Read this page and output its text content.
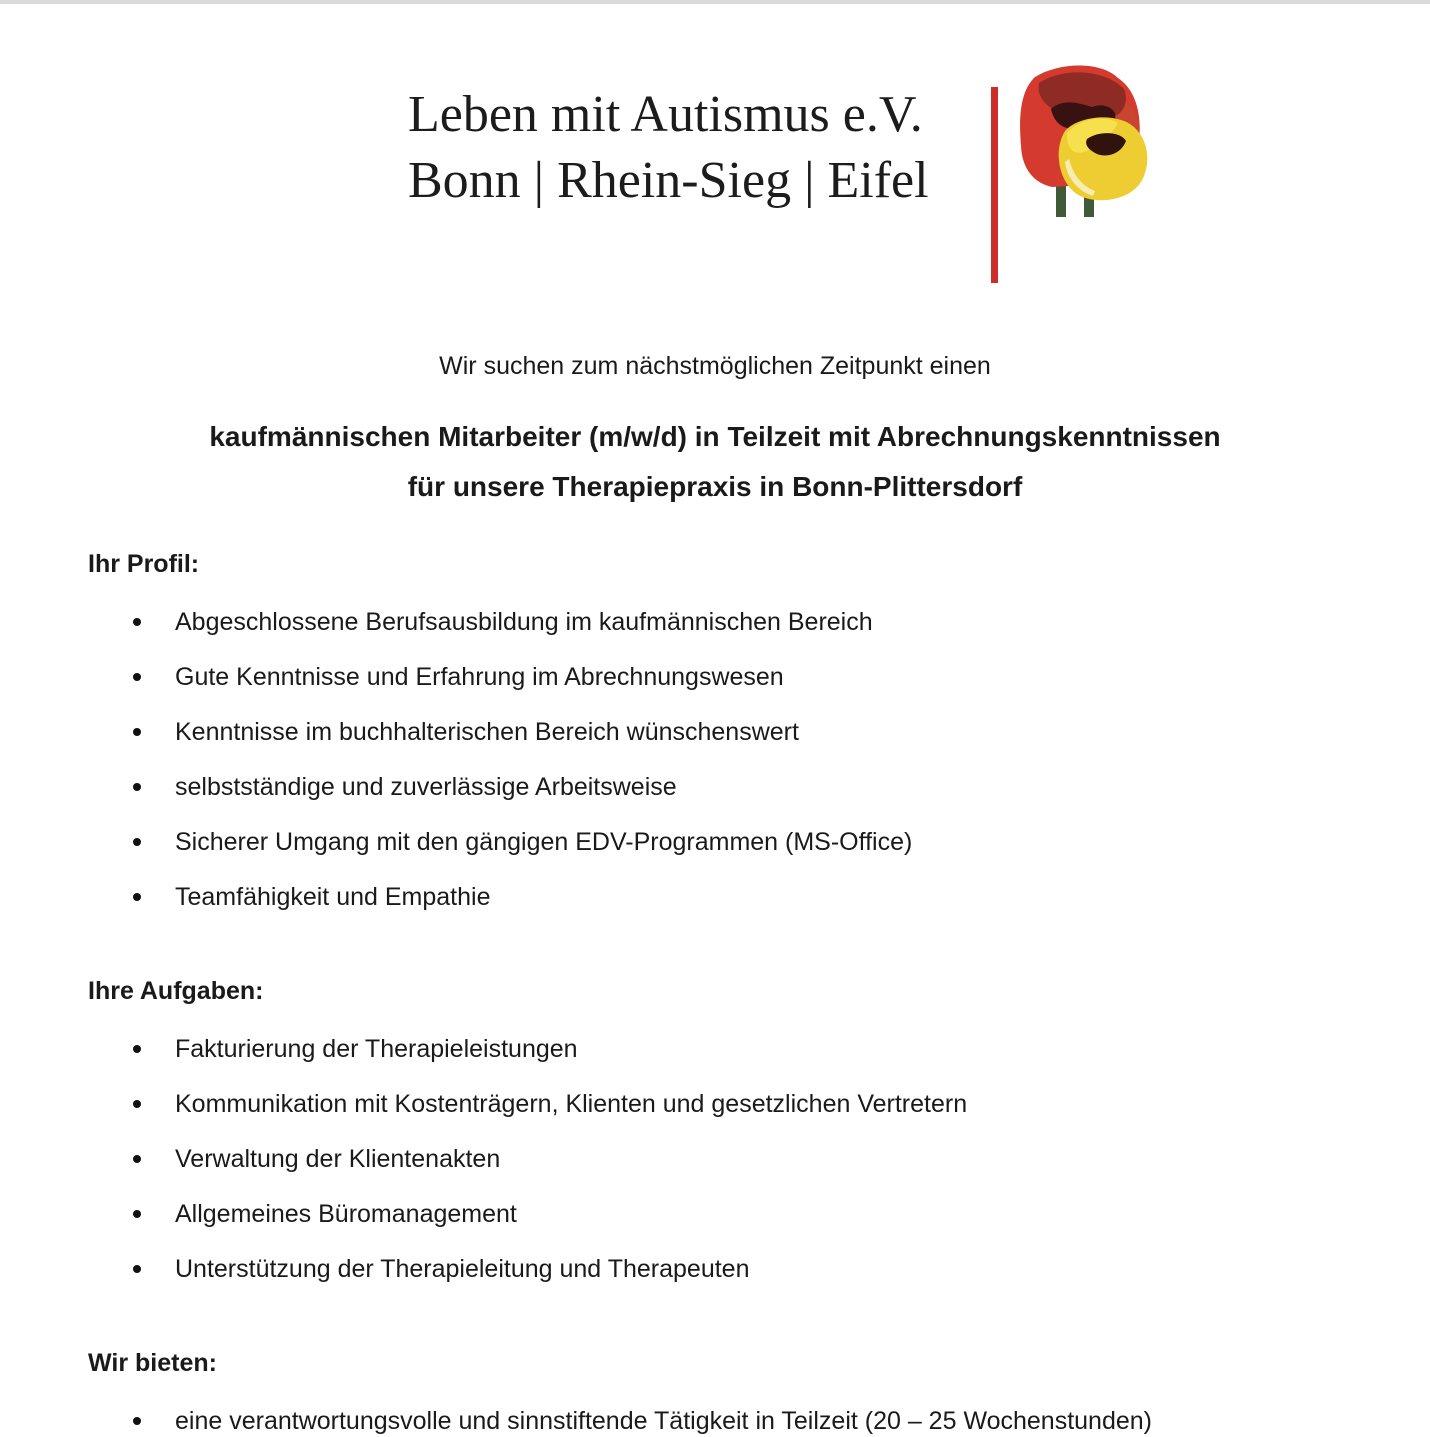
Leben mit Autismus e.V.
Bonn | Rhein-Sieg | Eifel

Wir suchen zum nächstmöglichen Zeitpunkt einen

kaufmännischen Mitarbeiter (m/w/d) in Teilzeit mit Abrechnungskenntnissen
für unsere Therapiepraxis in Bonn-Plittersdorf
Ihr Profil:
Abgeschlossene Berufsausbildung im kaufmännischen Bereich
Gute Kenntnisse und Erfahrung im Abrechnungswesen
Kenntnisse im buchhalterischen Bereich wünschenswert
selbstständige und zuverlässige Arbeitsweise
Sicherer Umgang mit den gängigen EDV-Programmen (MS-Office)
Teamfähigkeit und Empathie
Ihre Aufgaben:
Fakturierung der Therapieleistungen
Kommunikation mit Kostenträgern, Klienten und gesetzlichen Vertretern
Verwaltung der Klientenakten
Allgemeines Büromanagement
Unterstützung der Therapieleitung und Therapeuten
Wir bieten:
eine verantwortungsvolle und sinnstiftende Tätigkeit in Teilzeit (20 – 25 Wochenstunden)
